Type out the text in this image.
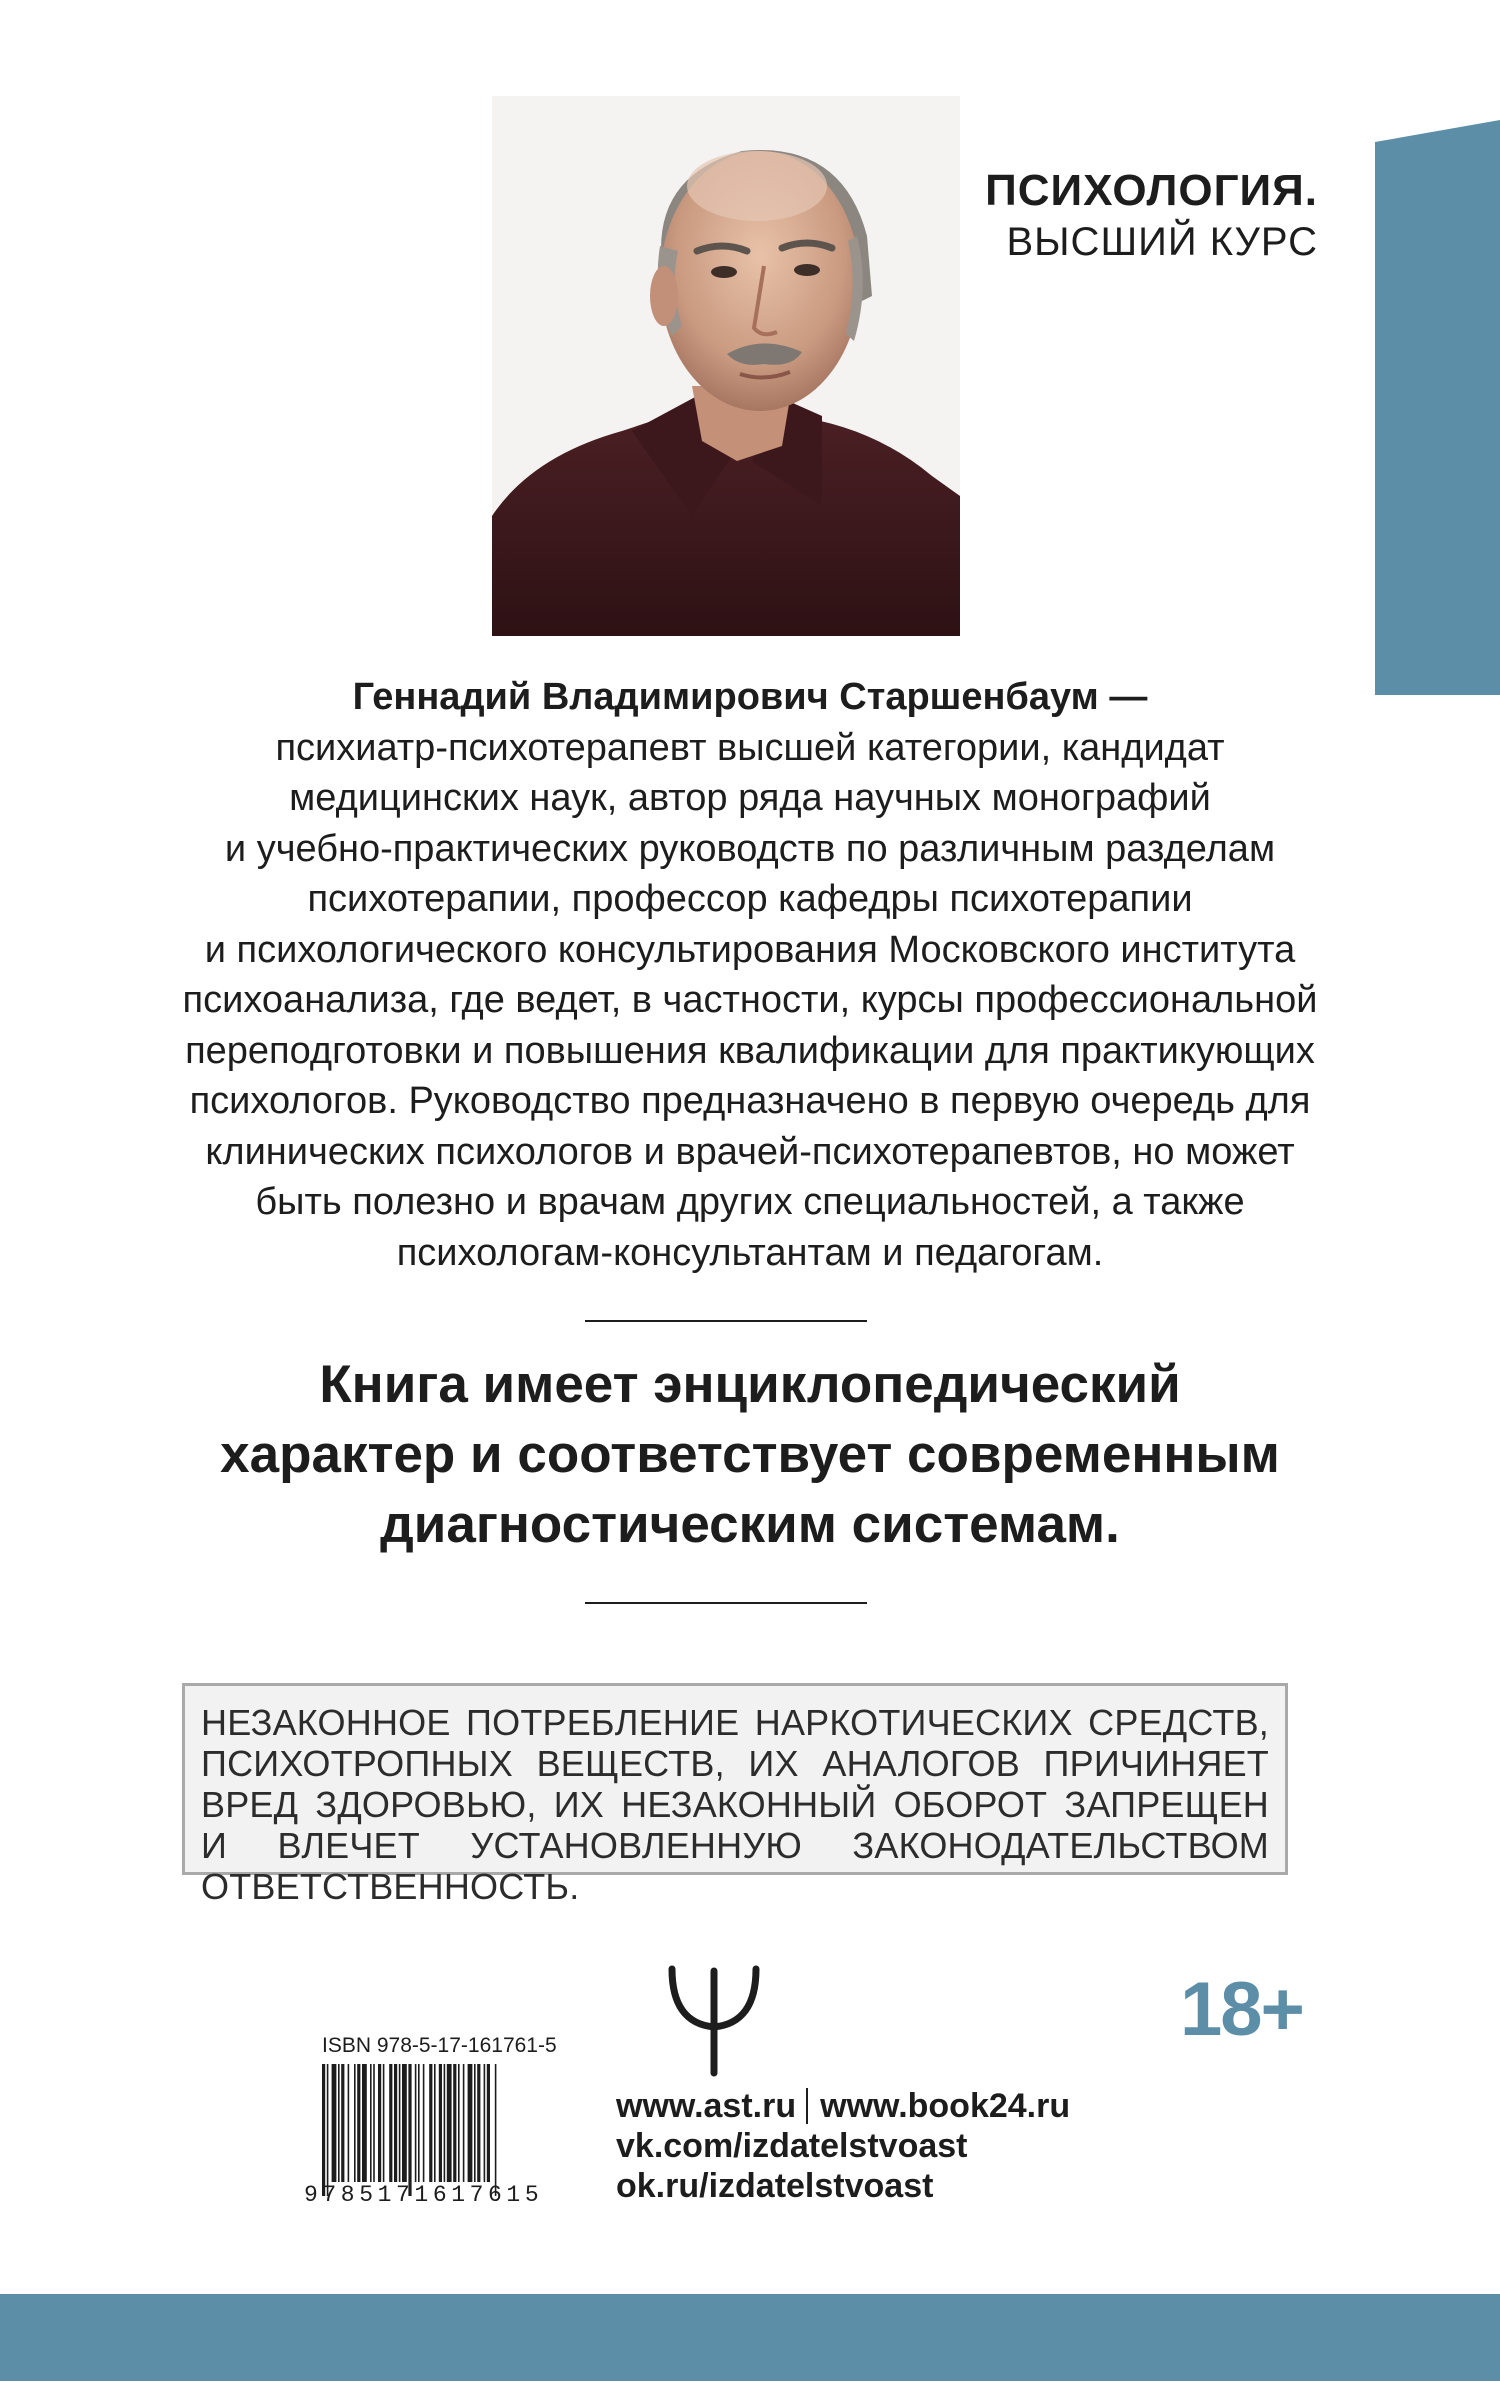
ПСИХОЛОГИЯ.
ВЫСШИЙ КУРС
Геннадий Владимирович Старшенбаум —
психиатр-психотерапевт высшей категории, кандидат
медицинских наук, автор ряда научных монографий
и учебно-практических руководств по различным разделам
психотерапии, профессор кафедры психотерапии
и психологического консультирования Московского института
психоанализа, где ведет, в частности, курсы профессиональной
переподготовки и повышения квалификации для практикующих
психологов. Руководство предназначено в первую очередь для
клинических психологов и врачей-психотерапевтов, но может
быть полезно и врачам других специальностей, а также
психологам-консультантам и педагогам.
Книга имеет энциклопедический
характер и соответствует современным
диагностическим системам.
НЕЗАКОННОЕ ПОТРЕБЛЕНИЕ НАРКОТИЧЕСКИХ СРЕДСТВ, ПСИХОТРОПНЫХ ВЕЩЕСТВ, ИХ АНАЛОГОВ ПРИЧИНЯЕТ ВРЕД ЗДОРОВЬЮ, ИХ НЕЗАКОННЫЙ ОБОРОТ ЗАПРЕЩЕН И ВЛЕЧЕТ УСТАНОВЛЕННУЮ ЗАКОНОДАТЕЛЬСТВОМ ОТВЕТСТВЕННОСТЬ.
18+
ISBN 978-5-17-161761-5
9785171617615
www.ast.ru www.book24.ru
vk.com/izdatelstvoast
ok.ru/izdatelstvoast
